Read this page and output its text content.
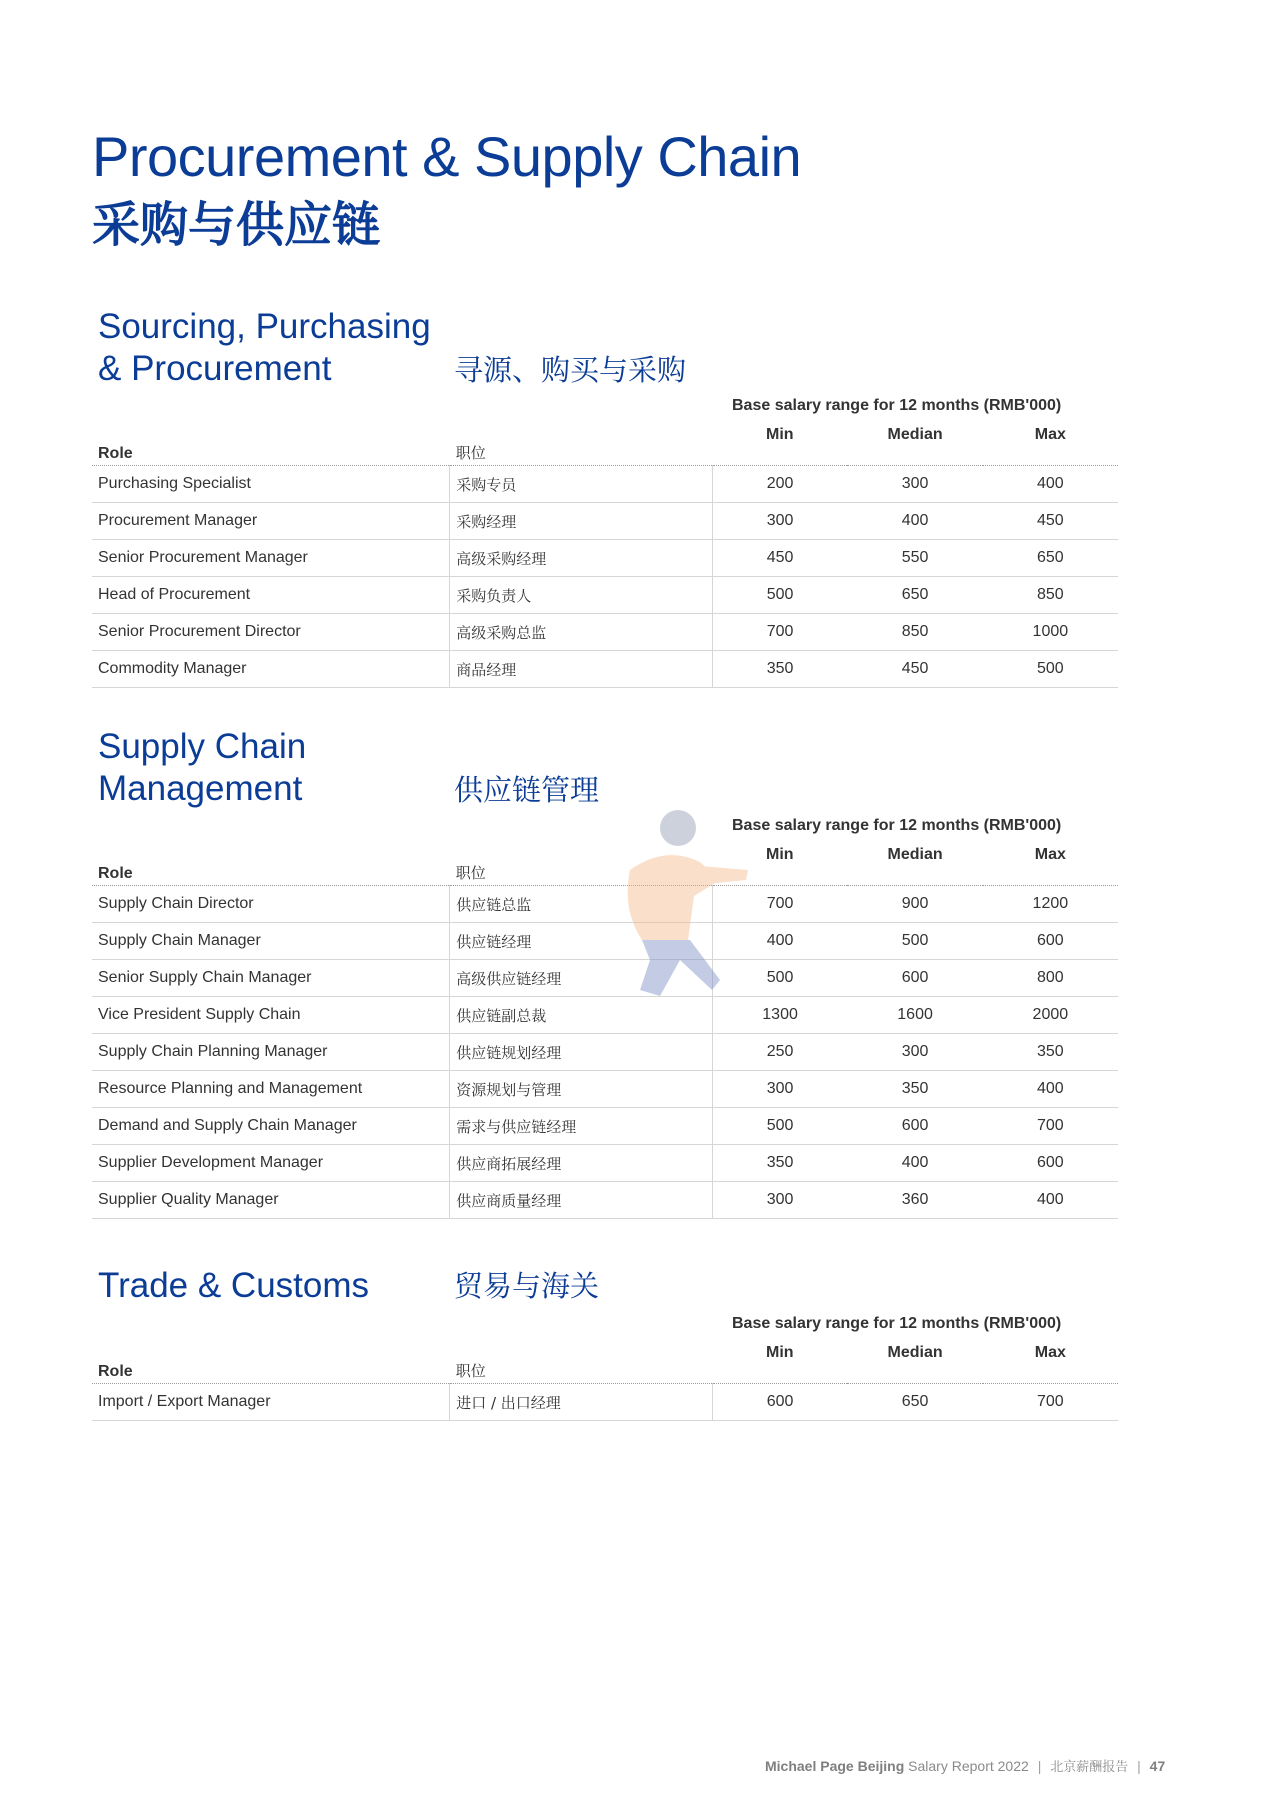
Procurement & Supply Chain
采购与供应链
Sourcing, Purchasing
& Procurement	寻源、购买与采购
Base salary range for 12 months (RMB'000)
Role	职位	Min	Median	Max
Purchasing Specialist	采购专员	200	300	400
Procurement Manager	采购经理	300	400	450
Senior Procurement Manager	高级采购经理	450	550	650
Head of Procurement	采购负责人	500	650	850
Senior Procurement Director	高级采购总监	700	850	1000
Commodity Manager	商品经理	350	450	500
Supply Chain
Management	供应链管理
Base salary range for 12 months (RMB'000)
Role	职位	Min	Median	Max
Supply Chain Director	供应链总监	700	900	1200
Supply Chain Manager	供应链经理	400	500	600
Senior Supply Chain Manager	高级供应链经理	500	600	800
Vice President Supply Chain	供应链副总裁	1300	1600	2000
Supply Chain Planning Manager	供应链规划经理	250	300	350
Resource Planning and Management	资源规划与管理	300	350	400
Demand and Supply Chain Manager	需求与供应链经理	500	600	700
Supplier Development Manager	供应商拓展经理	350	400	600
Supplier Quality Manager	供应商质量经理	300	360	400
Trade & Customs	贸易与海关
Base salary range for 12 months (RMB'000)
Role	职位	Min	Median	Max
Import / Export Manager	进口 / 出口经理	600	650	700
Michael Page Beijing Salary Report 2022 | 北京薪酬报告 | 47
